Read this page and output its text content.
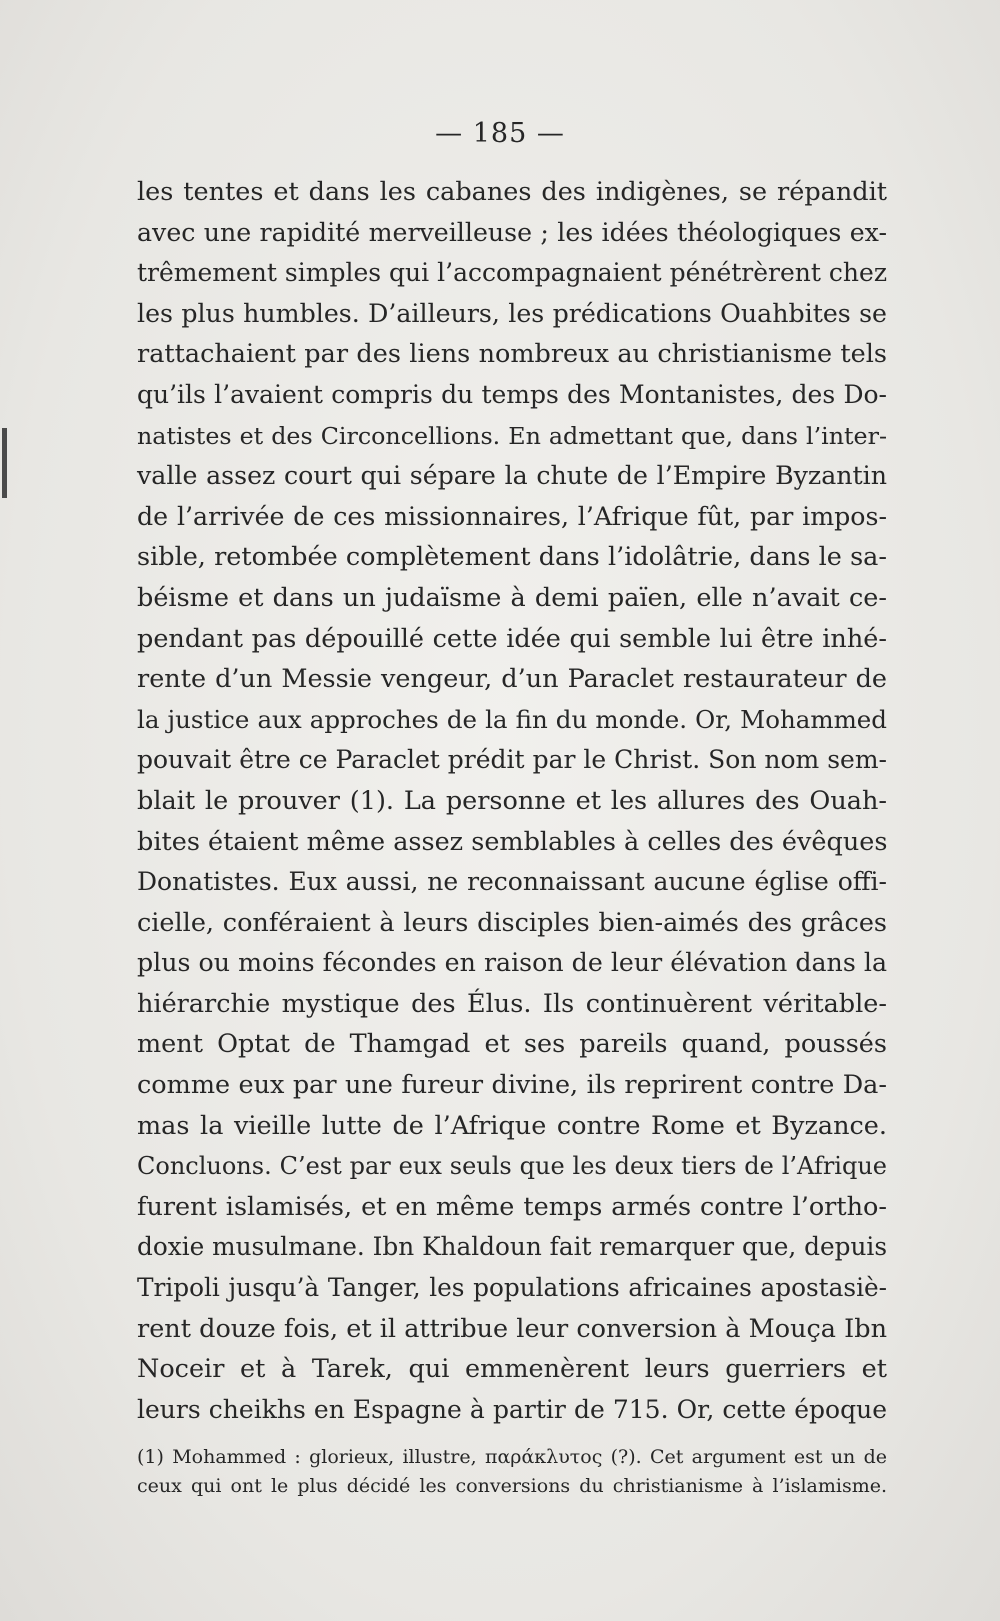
— 185 —
les tentes et dans les cabanes des indigènes, se répandit
avec une rapidité merveilleuse ; les idées théologiques ex-
trêmement simples qui l’accompagnaient pénétrèrent chez
les plus humbles. D’ailleurs, les prédications Ouahbites se
rattachaient par des liens nombreux au christianisme tels
qu’ils l’avaient compris du temps des Montanistes, des Do-
natistes et des Circoncellions. En admettant que, dans l’inter-
valle assez court qui sépare la chute de l’Empire Byzantin
de l’arrivée de ces missionnaires, l’Afrique fût, par impos-
sible, retombée complètement dans l’idolâtrie, dans le sa-
béisme et dans un judaïsme à demi païen, elle n’avait ce-
pendant pas dépouillé cette idée qui semble lui être inhé-
rente d’un Messie vengeur, d’un Paraclet restaurateur de
la justice aux approches de la fin du monde. Or, Mohammed
pouvait être ce Paraclet prédit par le Christ. Son nom sem-
blait le prouver (1). La personne et les allures des Ouah-
bites étaient même assez semblables à celles des évêques
Donatistes. Eux aussi, ne reconnaissant aucune église offi-
cielle, conféraient à leurs disciples bien-aimés des grâces
plus ou moins fécondes en raison de leur élévation dans la
hiérarchie mystique des Élus. Ils continuèrent véritable-
ment Optat de Thamgad et ses pareils quand, poussés
comme eux par une fureur divine, ils reprirent contre Da-
mas la vieille lutte de l’Afrique contre Rome et Byzance.
Concluons. C’est par eux seuls que les deux tiers de l’Afrique
furent islamisés, et en même temps armés contre l’ortho-
doxie musulmane. Ibn Khaldoun fait remarquer que, depuis
Tripoli jusqu’à Tanger, les populations africaines apostasiè-
rent douze fois, et il attribue leur conversion à Mouça Ibn
Noceir et à Tarek, qui emmenèrent leurs guerriers et
leurs cheikhs en Espagne à partir de 715. Or, cette époque
(1) Mohammed : glorieux, illustre, παράκλυτος (?). Cet argument est un de
ceux qui ont le plus décidé les conversions du christianisme à l’islamisme.
